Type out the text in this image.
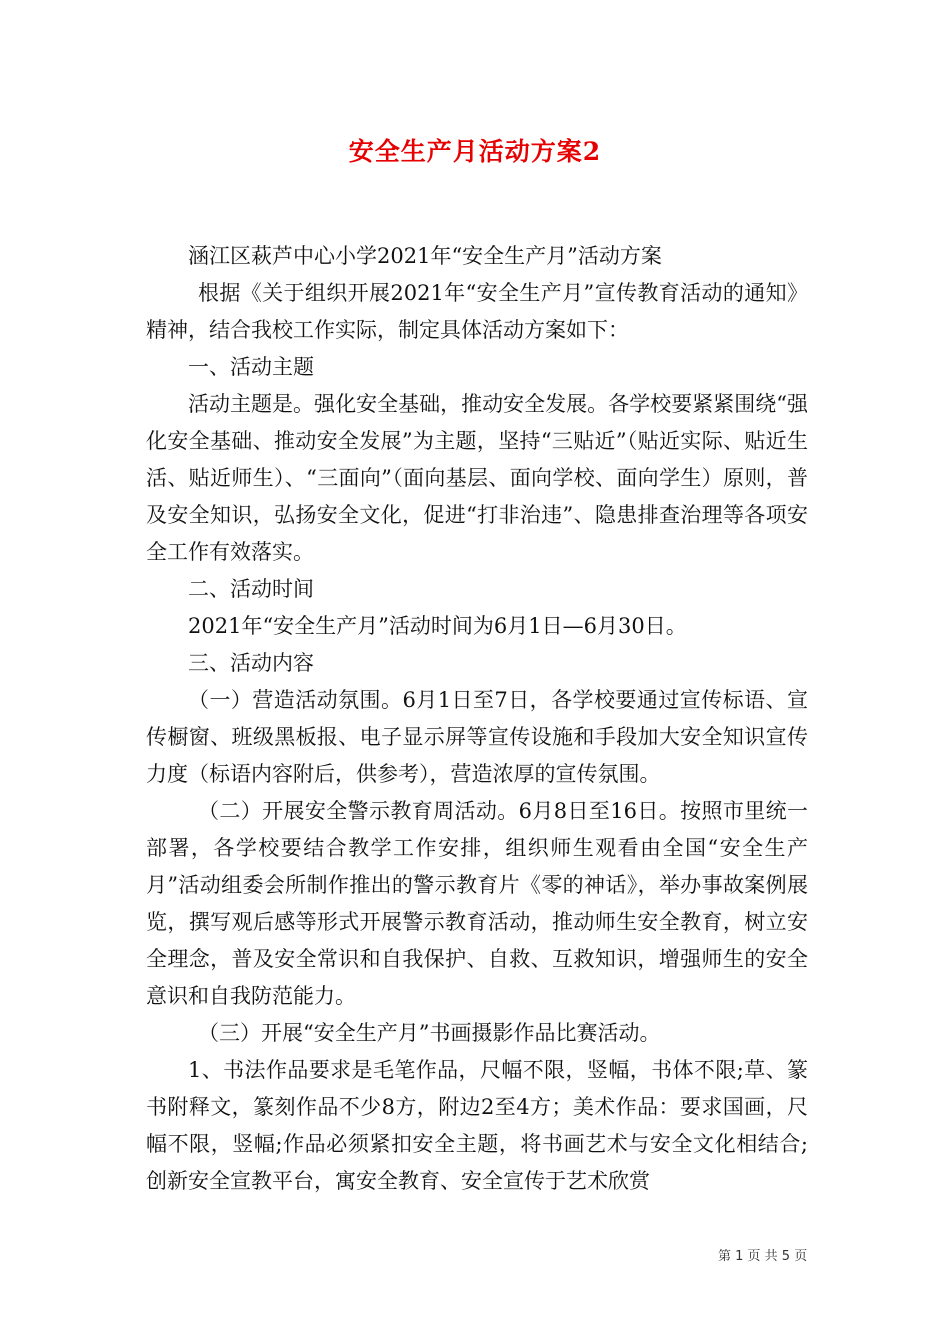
安全生产月活动方案2

涵江区萩芦中心小学2021年“安全生产月”活动方案

根据《关于组织开展2021年“安全生产月”宣传教育活动的通知》精神，结合我校工作实际，制定具体活动方案如下：

一、活动主题

活动主题是。强化安全基础，推动安全发展。各学校要紧紧围绕“强化安全基础、推动安全发展”为主题，坚持“三贴近”（贴近实际、贴近生活、贴近师生）、“三面向”（面向基层、面向学校、面向学生）原则，普及安全知识，弘扬安全文化，促进“打非治违”、隐患排查治理等各项安全工作有效落实。

二、活动时间

2021年“安全生产月”活动时间为6月1日—6月30日。

三、活动内容

（一）营造活动氛围。6月1日至7日，各学校要通过宣传标语、宣传橱窗、班级黑板报、电子显示屏等宣传设施和手段加大安全知识宣传力度（标语内容附后，供参考），营造浓厚的宣传氛围。

（二）开展安全警示教育周活动。6月8日至16日。按照市里统一部署，各学校要结合教学工作安排，组织师生观看由全国“安全生产月”活动组委会所制作推出的警示教育片《零的神话》，举办事故案例展览，撰写观后感等形式开展警示教育活动，推动师生安全教育，树立安全理念，普及安全常识和自我保护、自救、互救知识，增强师生的安全意识和自我防范能力。

（三）开展“安全生产月”书画摄影作品比赛活动。

1、书法作品要求是毛笔作品，尺幅不限，竖幅，书体不限;草、篆书附释文，篆刻作品不少8方，附边2至4方；美术作品：要求国画，尺幅不限，竖幅;作品必须紧扣安全主题，将书画艺术与安全文化相结合;创新安全宣教平台，寓安全教育、安全宣传于艺术欣赏

第 1 页 共 5 页
